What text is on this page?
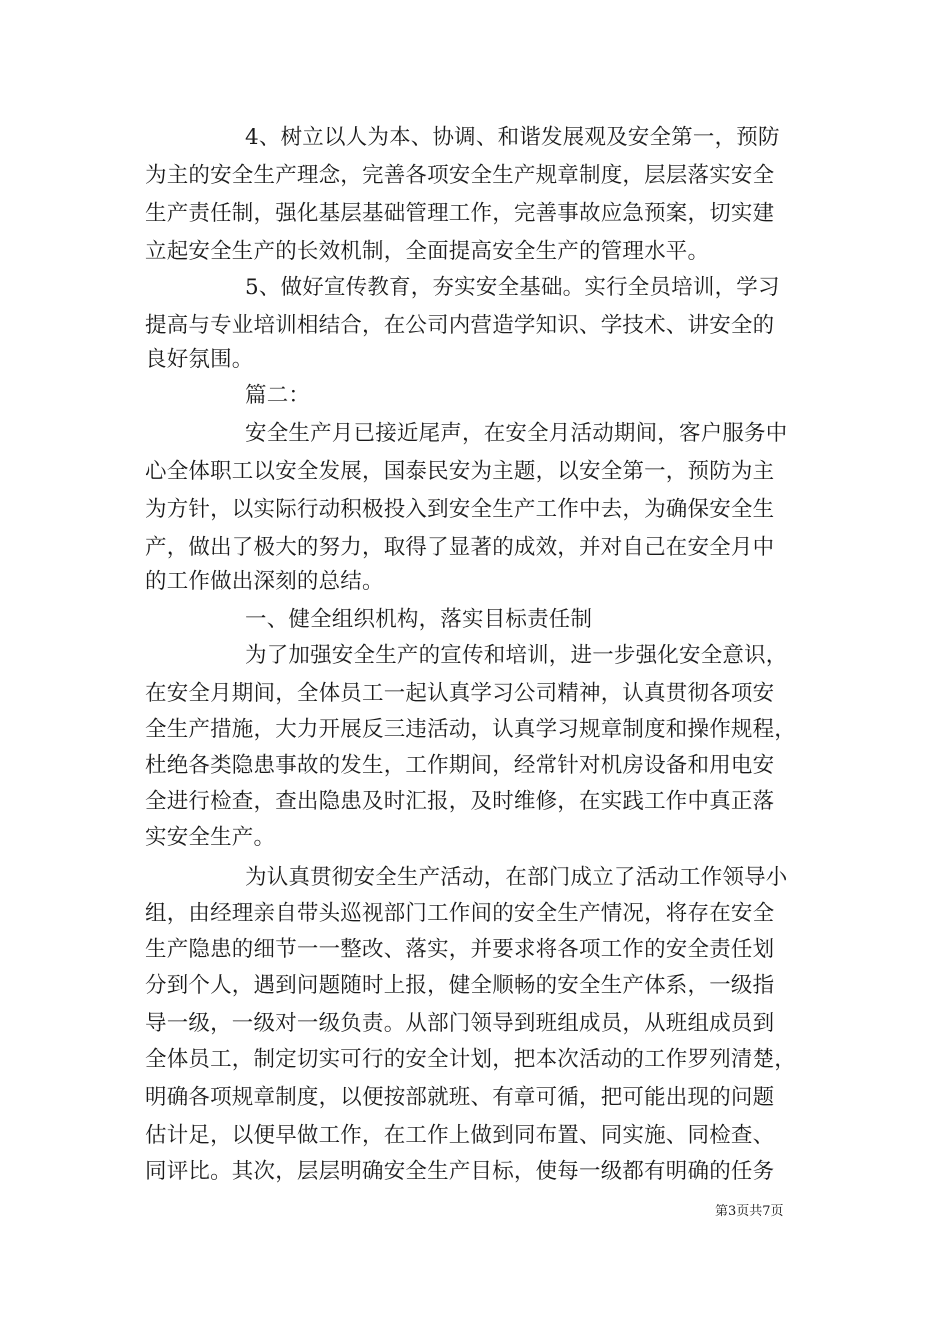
4、树立以人为本、协调、和谐发展观及安全第一，预防
为主的安全生产理念，完善各项安全生产规章制度，层层落实安全
生产责任制，强化基层基础管理工作，完善事故应急预案，切实建
立起安全生产的长效机制，全面提高安全生产的管理水平。
5、做好宣传教育，夯实安全基础。实行全员培训，学习
提高与专业培训相结合，在公司内营造学知识、学技术、讲安全的
良好氛围。
篇二：
安全生产月已接近尾声，在安全月活动期间，客户服务中
心全体职工以安全发展，国泰民安为主题，以安全第一，预防为主
为方针，以实际行动积极投入到安全生产工作中去，为确保安全生
产，做出了极大的努力，取得了显著的成效，并对自己在安全月中
的工作做出深刻的总结。
一、健全组织机构，落实目标责任制
为了加强安全生产的宣传和培训，进一步强化安全意识，
在安全月期间，全体员工一起认真学习公司精神，认真贯彻各项安
全生产措施，大力开展反三违活动，认真学习规章制度和操作规程，
杜绝各类隐患事故的发生，工作期间，经常针对机房设备和用电安
全进行检查，查出隐患及时汇报，及时维修，在实践工作中真正落
实安全生产。
为认真贯彻安全生产活动，在部门成立了活动工作领导小
组，由经理亲自带头巡视部门工作间的安全生产情况，将存在安全
生产隐患的细节一一整改、落实，并要求将各项工作的安全责任划
分到个人，遇到问题随时上报，健全顺畅的安全生产体系，一级指
导一级，一级对一级负责。从部门领导到班组成员，从班组成员到
全体员工，制定切实可行的安全计划，把本次活动的工作罗列清楚，
明确各项规章制度，以便按部就班、有章可循，把可能出现的问题
估计足，以便早做工作，在工作上做到同布置、同实施、同检查、
同评比。其次，层层明确安全生产目标，使每一级都有明确的任务
第3页共7页
